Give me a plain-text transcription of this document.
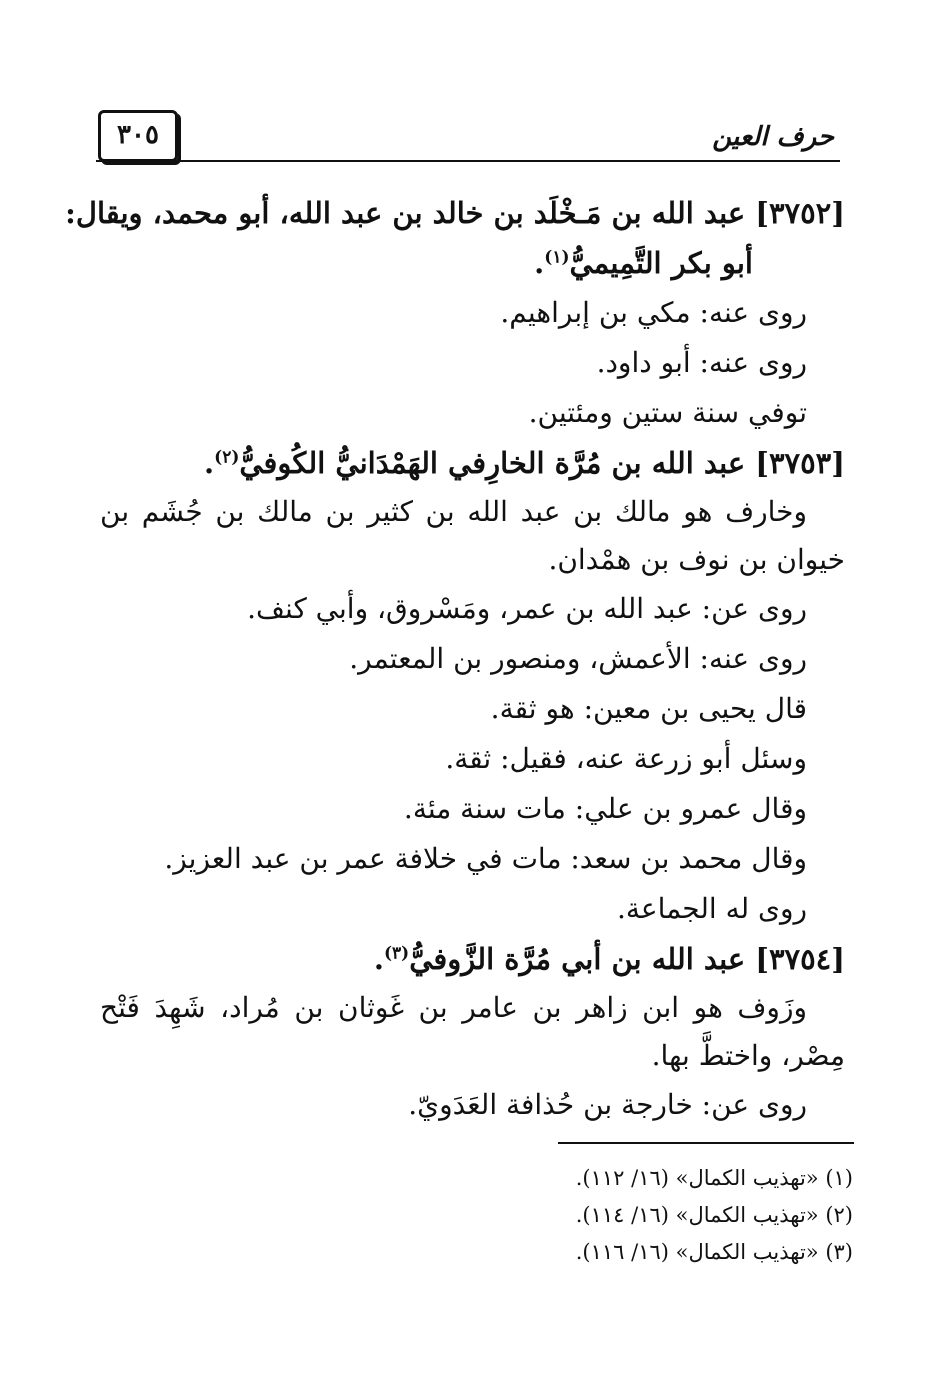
حرف العين
٣٠٥

[٣٧٥٢] عبد الله بن مَـخْلَد بن خالد بن عبد الله، أبو محمد، ويقال:

أبو بكر التَّمِيميُّ$^{(١)}$.

روى عنه: مكي بن إبراهيم.

روى عنه: أبو داود.

توفي سنة ستين ومئتين.

[٣٧٥٣] عبد الله بن مُرَّة الخارِفي الهَمْدَانيُّ الكُوفيُّ$^{(٢)}$.

وخارف هو مالك بن عبد الله بن كثير بن مالك بن جُشَم بن خيوان بن نوف بن همْدان.

روى عن: عبد الله بن عمر، ومَسْروق، وأبي كنف.

روى عنه: الأعمش، ومنصور بن المعتمر.

قال يحيى بن معين: هو ثقة.

وسئل أبو زرعة عنه، فقيل: ثقة.

وقال عمرو بن علي: مات سنة مئة.

وقال محمد بن سعد: مات في خلافة عمر بن عبد العزيز.

روى له الجماعة.

[٣٧٥٤] عبد الله بن أبي مُرَّة الزَّوفيُّ$^{(٣)}$.

وزَوف هو ابن زاهر بن عامر بن غَوثان بن مُراد، شَهِدَ فَتْح مِصْر، واختطَّ بها.

روى عن: خارجة بن حُذافة العَدَويّ.

(١) «تهذيب الكمال» (١٦/ ١١٢).

(٢) «تهذيب الكمال» (١٦/ ١١٤).

(٣) «تهذيب الكمال» (١٦/ ١١٦).
